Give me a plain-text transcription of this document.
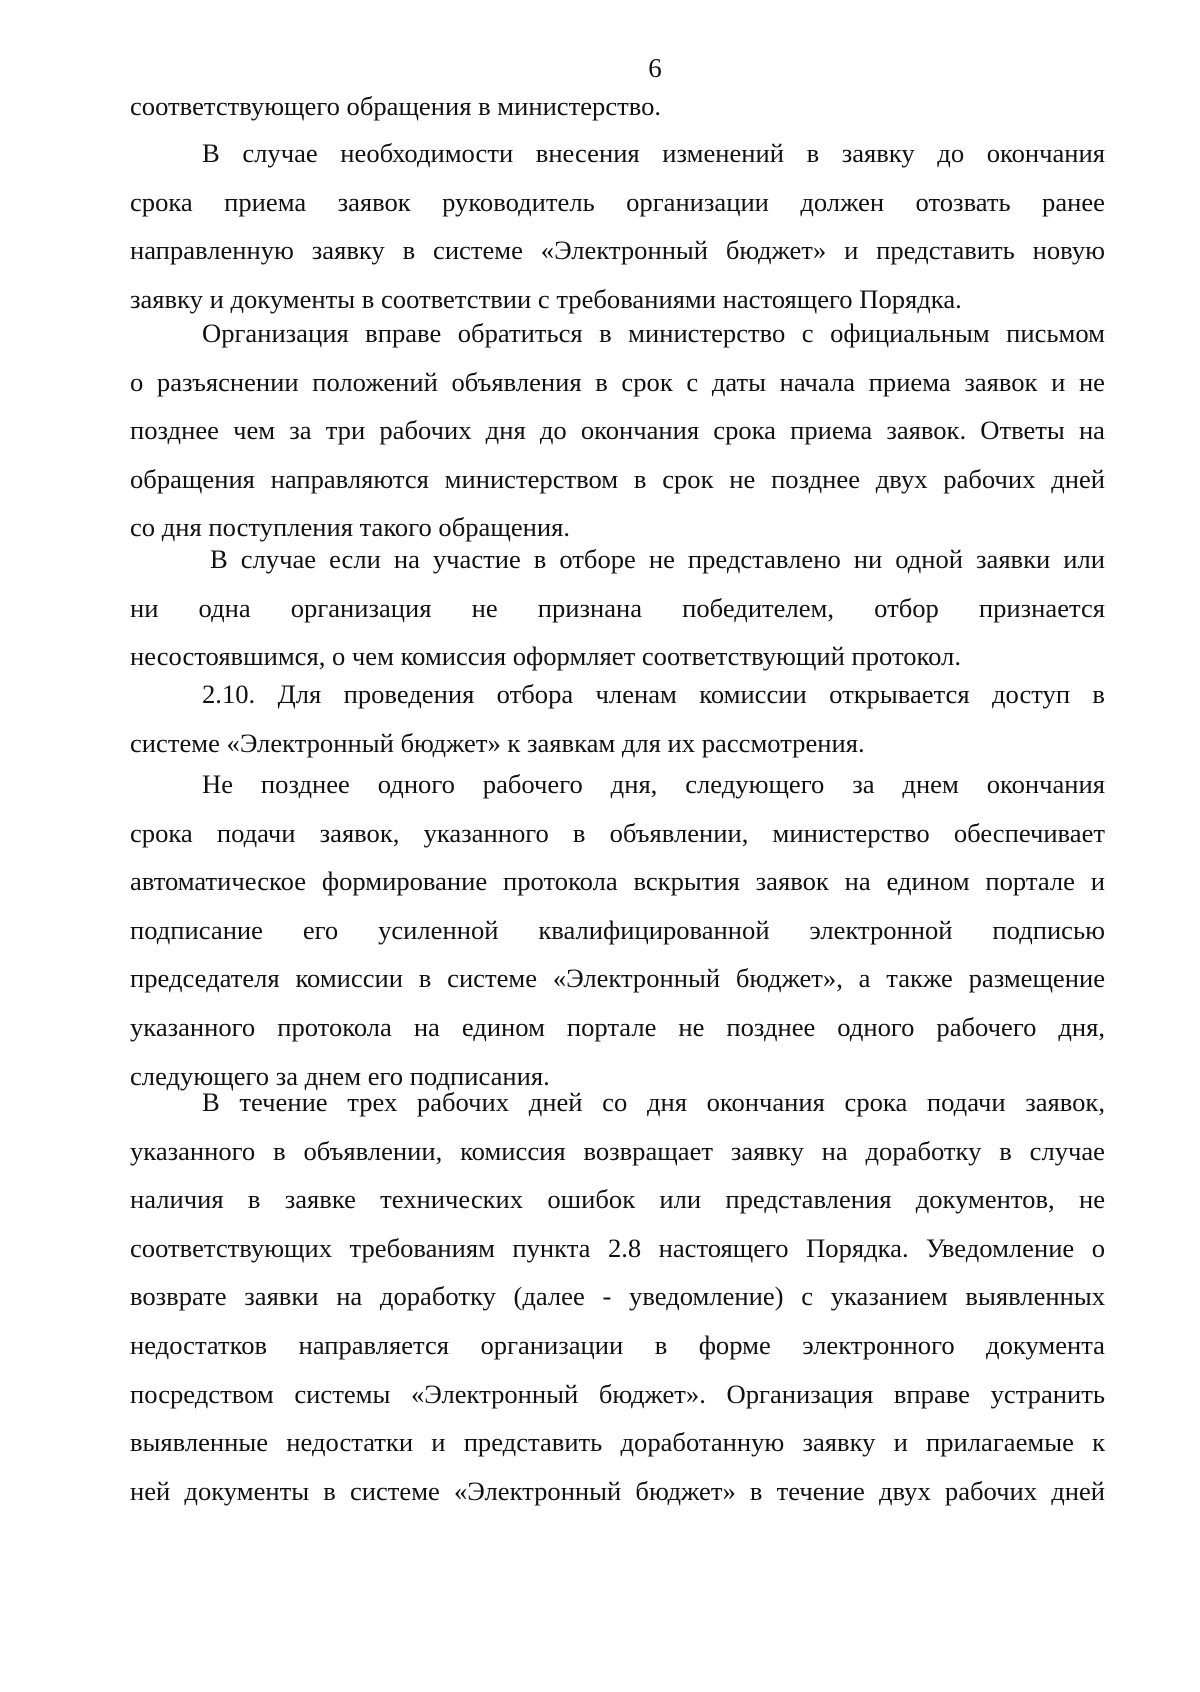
6
соответствующего обращения в министерство.
В случае необходимости внесения изменений в заявку до окончания
срока приема заявок руководитель организации должен отозвать ранее
направленную заявку в системе «Электронный бюджет» и представить новую
заявку и документы в соответствии с требованиями настоящего Порядка.
Организация вправе обратиться в министерство с официальным письмом
о разъяснении положений объявления в срок с даты начала приема заявок и не
позднее чем за три рабочих дня до окончания срока приема заявок. Ответы на
обращения направляются министерством в срок не позднее двух рабочих дней
со дня поступления такого обращения.
В случае если на участие в отборе не представлено ни одной заявки или
ни одна организация не признана победителем, отбор признается
несостоявшимся, о чем комиссия оформляет соответствующий протокол.
2.10. Для проведения отбора членам комиссии открывается доступ в
системе «Электронный бюджет» к заявкам для их рассмотрения.
Не позднее одного рабочего дня, следующего за днем окончания
срока подачи заявок, указанного в объявлении, министерство обеспечивает
автоматическое формирование протокола вскрытия заявок на едином портале и
подписание его усиленной квалифицированной электронной подписью
председателя комиссии в системе «Электронный бюджет», а также размещение
указанного протокола на едином портале не позднее одного рабочего дня,
следующего за днем его подписания.
В течение трех рабочих дней со дня окончания срока подачи заявок,
указанного в объявлении, комиссия возвращает заявку на доработку в случае
наличия в заявке технических ошибок или представления документов, не
соответствующих требованиям пункта 2.8 настоящего Порядка. Уведомление о
возврате заявки на доработку (далее - уведомление) с указанием выявленных
недостатков направляется организации в форме электронного документа
посредством системы «Электронный бюджет». Организация вправе устранить
выявленные недостатки и представить доработанную заявку и прилагаемые к
ней документы в системе «Электронный бюджет» в течение двух рабочих дней
